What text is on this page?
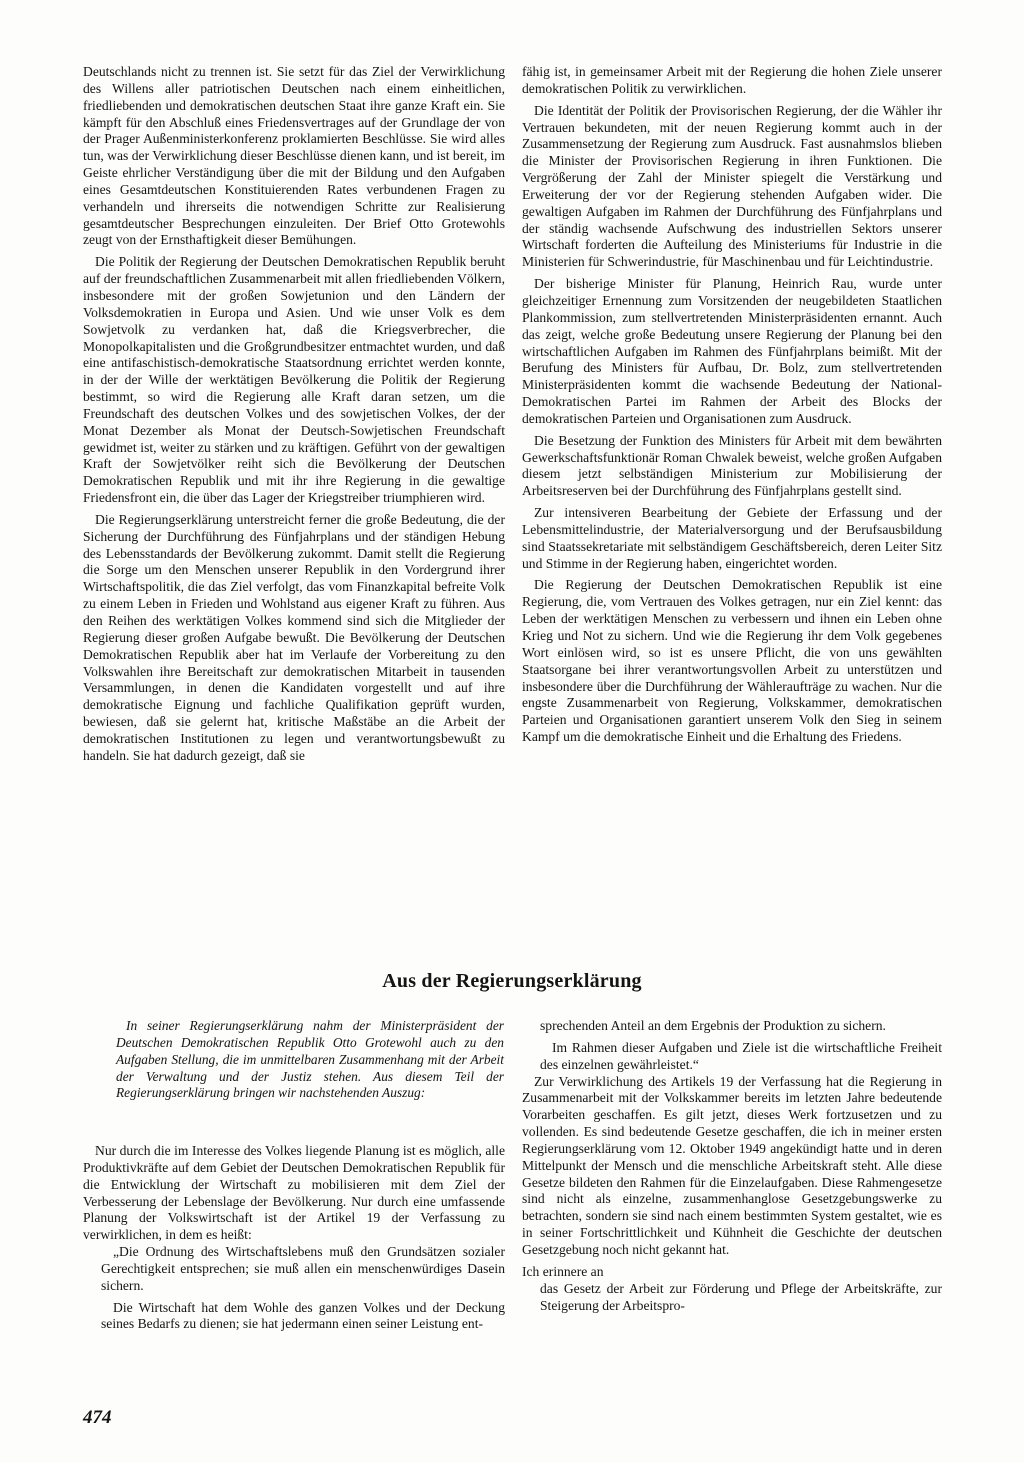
Deutschlands nicht zu trennen ist. Sie setzt für das Ziel der Verwirklichung des Willens aller patriotischen Deutschen nach einem einheitlichen, friedliebenden und demokratischen deutschen Staat ihre ganze Kraft ein. Sie kämpft für den Abschluß eines Friedensvertrages auf der Grundlage der von der Prager Außenministerkonferenz proklamierten Beschlüsse. Sie wird alles tun, was der Verwirklichung dieser Beschlüsse dienen kann, und ist bereit, im Geiste ehrlicher Verständigung über die mit der Bildung und den Aufgaben eines Gesamtdeutschen Konstituierenden Rates verbundenen Fragen zu verhandeln und ihrerseits die notwendigen Schritte zur Realisierung gesamtdeutscher Besprechungen einzuleiten. Der Brief Otto Grotewohls zeugt von der Ernsthaftigkeit dieser Bemühungen.

Die Politik der Regierung der Deutschen Demokratischen Republik beruht auf der freundschaftlichen Zusammenarbeit mit allen friedliebenden Völkern, insbesondere mit der großen Sowjetunion und den Ländern der Volksdemokratien in Europa und Asien. Und wie unser Volk es dem Sowjetvolk zu verdanken hat, daß die Kriegsverbrecher, die Monopolkapitalisten und die Großgrundbesitzer entmachtet wurden, und daß eine antifaschistisch-demokratische Staatsordnung errichtet werden konnte, in der der Wille der werktätigen Bevölkerung die Politik der Regierung bestimmt, so wird die Regierung alle Kraft daran setzen, um die Freundschaft des deutschen Volkes und des sowjetischen Volkes, der der Monat Dezember als Monat der Deutsch-Sowjetischen Freundschaft gewidmet ist, weiter zu stärken und zu kräftigen. Geführt von der gewaltigen Kraft der Sowjetvölker reiht sich die Bevölkerung der Deutschen Demokratischen Republik und mit ihr ihre Regierung in die gewaltige Friedensfront ein, die über das Lager der Kriegstreiber triumphieren wird.

Die Regierungserklärung unterstreicht ferner die große Bedeutung, die der Sicherung der Durchführung des Fünfjahrplans und der ständigen Hebung des Lebensstandards der Bevölkerung zukommt. Damit stellt die Regierung die Sorge um den Menschen unserer Republik in den Vordergrund ihrer Wirtschaftspolitik, die das Ziel verfolgt, das vom Finanzkapital befreite Volk zu einem Leben in Frieden und Wohlstand aus eigener Kraft zu führen. Aus den Reihen des werktätigen Volkes kommend sind sich die Mitglieder der Regierung dieser großen Aufgabe bewußt. Die Bevölkerung der Deutschen Demokratischen Republik aber hat im Verlaufe der Vorbereitung zu den Volkswahlen ihre Bereitschaft zur demokratischen Mitarbeit in tausenden Versammlungen, in denen die Kandidaten vorgestellt und auf ihre demokratische Eignung und fachliche Qualifikation geprüft wurden, bewiesen, daß sie gelernt hat, kritische Maßstäbe an die Arbeit der demokratischen Institutionen zu legen und verantwortungsbewußt zu handeln. Sie hat dadurch gezeigt, daß sie

fähig ist, in gemeinsamer Arbeit mit der Regierung die hohen Ziele unserer demokratischen Politik zu verwirklichen.

Die Identität der Politik der Provisorischen Regierung, der die Wähler ihr Vertrauen bekundeten, mit der neuen Regierung kommt auch in der Zusammensetzung der Regierung zum Ausdruck. Fast ausnahmslos blieben die Minister der Provisorischen Regierung in ihren Funktionen. Die Vergrößerung der Zahl der Minister spiegelt die Verstärkung und Erweiterung der vor der Regierung stehenden Aufgaben wider. Die gewaltigen Aufgaben im Rahmen der Durchführung des Fünfjahrplans und der ständig wachsende Aufschwung des industriellen Sektors unserer Wirtschaft forderten die Aufteilung des Ministeriums für Industrie in die Ministerien für Schwerindustrie, für Maschinenbau und für Leichtindustrie.

Der bisherige Minister für Planung, Heinrich Rau, wurde unter gleichzeitiger Ernennung zum Vorsitzenden der neugebildeten Staatlichen Plankommission, zum stellvertretenden Ministerpräsidenten ernannt. Auch das zeigt, welche große Bedeutung unsere Regierung der Planung bei den wirtschaftlichen Aufgaben im Rahmen des Fünfjahrplans beimißt. Mit der Berufung des Ministers für Aufbau, Dr. Bolz, zum stellvertretenden Ministerpräsidenten kommt die wachsende Bedeutung der National-Demokratischen Partei im Rahmen der Arbeit des Blocks der demokratischen Parteien und Organisationen zum Ausdruck.

Die Besetzung der Funktion des Ministers für Arbeit mit dem bewährten Gewerkschaftsfunktionär Roman Chwalek beweist, welche großen Aufgaben diesem jetzt selbständigen Ministerium zur Mobilisierung der Arbeitsreserven bei der Durchführung des Fünfjahrplans gestellt sind.

Zur intensiveren Bearbeitung der Gebiete der Erfassung und der Lebensmittelindustrie, der Materialversorgung und der Berufsausbildung sind Staatssekretariate mit selbständigem Geschäftsbereich, deren Leiter Sitz und Stimme in der Regierung haben, eingerichtet worden.

Die Regierung der Deutschen Demokratischen Republik ist eine Regierung, die, vom Vertrauen des Volkes getragen, nur ein Ziel kennt: das Leben der werktätigen Menschen zu verbessern und ihnen ein Leben ohne Krieg und Not zu sichern. Und wie die Regierung ihr dem Volk gegebenes Wort einlösen wird, so ist es unsere Pflicht, die von uns gewählten Staatsorgane bei ihrer verantwortungsvollen Arbeit zu unterstützen und insbesondere über die Durchführung der Wähleraufträge zu wachen. Nur die engste Zusammenarbeit von Regierung, Volkskammer, demokratischen Parteien und Organisationen garantiert unserem Volk den Sieg in seinem Kampf um die demokratische Einheit und die Erhaltung des Friedens.

Aus der Regierungserklärung

In seiner Regierungserklärung nahm der Ministerpräsident der Deutschen Demokratischen Republik Otto Grotewohl auch zu den Aufgaben Stellung, die im unmittelbaren Zusammenhang mit der Arbeit der Verwaltung und der Justiz stehen. Aus diesem Teil der Regierungserklärung bringen wir nachstehenden Auszug:

Nur durch die im Interesse des Volkes liegende Planung ist es möglich, alle Produktivkräfte auf dem Gebiet der Deutschen Demokratischen Republik für die Entwicklung der Wirtschaft zu mobilisieren mit dem Ziel der Verbesserung der Lebenslage der Bevölkerung. Nur durch eine umfassende Planung der Volkswirtschaft ist der Artikel 19 der Verfassung zu verwirklichen, in dem es heißt:

„Die Ordnung des Wirtschaftslebens muß den Grundsätzen sozialer Gerechtigkeit entsprechen; sie muß allen ein menschenwürdiges Dasein sichern.

Die Wirtschaft hat dem Wohle des ganzen Volkes und der Deckung seines Bedarfs zu dienen; sie hat jedermann einen seiner Leistung ent-

sprechenden Anteil an dem Ergebnis der Produktion zu sichern.

Im Rahmen dieser Aufgaben und Ziele ist die wirtschaftliche Freiheit des einzelnen gewährleistet.“

Zur Verwirklichung des Artikels 19 der Verfassung hat die Regierung in Zusammenarbeit mit der Volkskammer bereits im letzten Jahre bedeutende Vorarbeiten geschaffen. Es gilt jetzt, dieses Werk fortzusetzen und zu vollenden. Es sind bedeutende Gesetze geschaffen, die ich in meiner ersten Regierungserklärung vom 12. Oktober 1949 angekündigt hatte und in deren Mittelpunkt der Mensch und die menschliche Arbeitskraft steht. Alle diese Gesetze bildeten den Rahmen für die Einzelaufgaben. Diese Rahmengesetze sind nicht als einzelne, zusammenhanglose Gesetzgebungswerke zu betrachten, sondern sie sind nach einem bestimmten System gestaltet, wie es in seiner Fortschrittlichkeit und Kühnheit die Geschichte der deutschen Gesetzgebung noch nicht gekannt hat.

Ich erinnere an

das Gesetz der Arbeit zur Förderung und Pflege der Arbeitskräfte, zur Steigerung der Arbeitspro-

474
